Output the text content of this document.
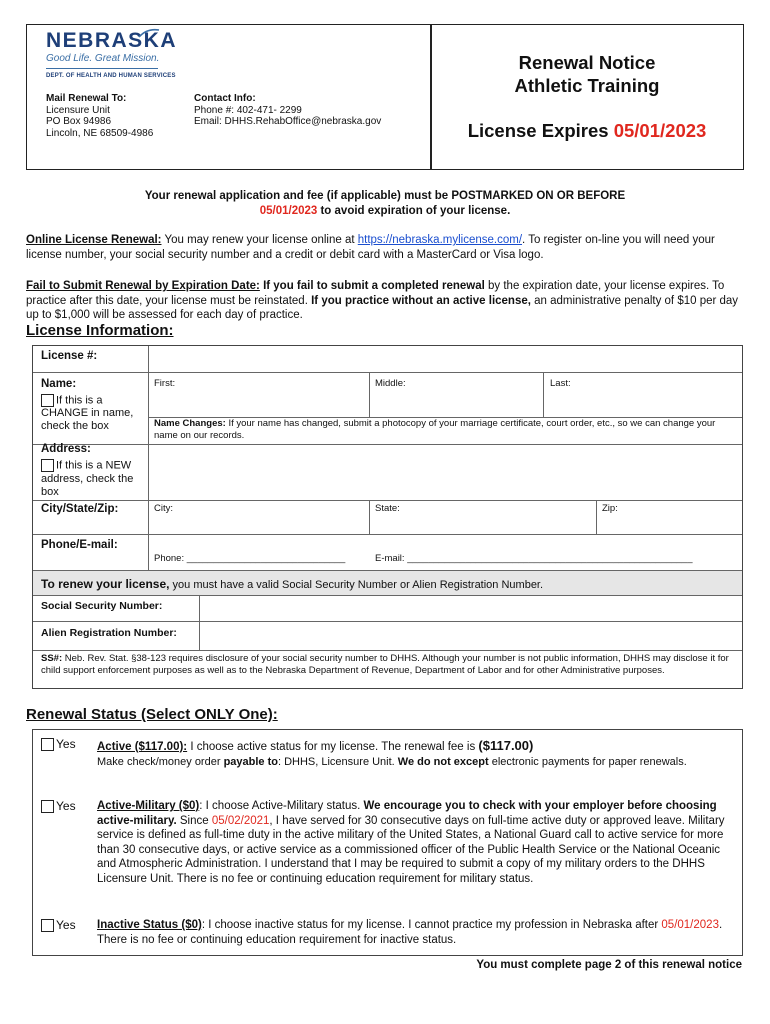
NEBRASKA
Good Life. Great Mission.
DEPT. OF HEALTH AND HUMAN SERVICES
Mail Renewal To:
Licensure Unit
PO Box 94986
Lincoln, NE 68509-4986
Contact Info:
Phone #: 402-471- 2299
Email: DHHS.RehabOffice@nebraska.gov
Renewal Notice
Athletic Training
License Expires 05/01/2023
Your renewal application and fee (if applicable) must be POSTMARKED ON OR BEFORE
05/01/2023 to avoid expiration of your license.
Online License Renewal: You may renew your license online at https://nebraska.mylicense.com/. To register on-line you will need your license number, your social security number and a credit or debit card with a MasterCard or Visa logo.
Fail to Submit Renewal by Expiration Date: If you fail to submit a completed renewal by the expiration date, your license expires. To practice after this date, your license must be reinstated. If you practice without an active license, an administrative penalty of $10 per day up to $1,000 will be assessed for each day of practice.
License Information:
License #:
Name:
If this is a CHANGE in name, check the box
First:	Middle:	Last:
Name Changes: If your name has changed, submit a photocopy of your marriage certificate, court order, etc., so we can change your name on our records.
Address:
If this is a NEW address, check the box
City/State/Zip:	City:	State:	Zip:
Phone/E-mail:
Phone: ______________________________	E-mail: ______________________________________________________
To renew your license, you must have a valid Social Security Number or Alien Registration Number.
Social Security Number:
Alien Registration Number:
SS#: Neb. Rev. Stat. §38-123 requires disclosure of your social security number to DHHS. Although your number is not public information, DHHS may disclose it for child support enforcement purposes as well as to the Nebraska Department of Revenue, Department of Labor and for other Administrative purposes.
Renewal Status (Select ONLY One):
Yes Active ($117.00): I choose active status for my license. The renewal fee is ($117.00)
Make check/money order payable to: DHHS, Licensure Unit. We do not except electronic payments for paper renewals.
Yes Active-Military ($0): I choose Active-Military status. We encourage you to check with your employer before choosing active-military. Since 05/02/2021, I have served for 30 consecutive days on full-time active duty or approved leave. Military service is defined as full-time duty in the active military of the United States, a National Guard call to active service for more than 30 consecutive days, or active service as a commissioned officer of the Public Health Service or the National Oceanic and Atmospheric Administration. I understand that I may be required to submit a copy of my military orders to the DHHS Licensure Unit. There is no fee or continuing education requirement for military status.
Yes Inactive Status ($0): I choose inactive status for my license. I cannot practice my profession in Nebraska after 05/01/2023. There is no fee or continuing education requirement for inactive status.
You must complete page 2 of this renewal notice
